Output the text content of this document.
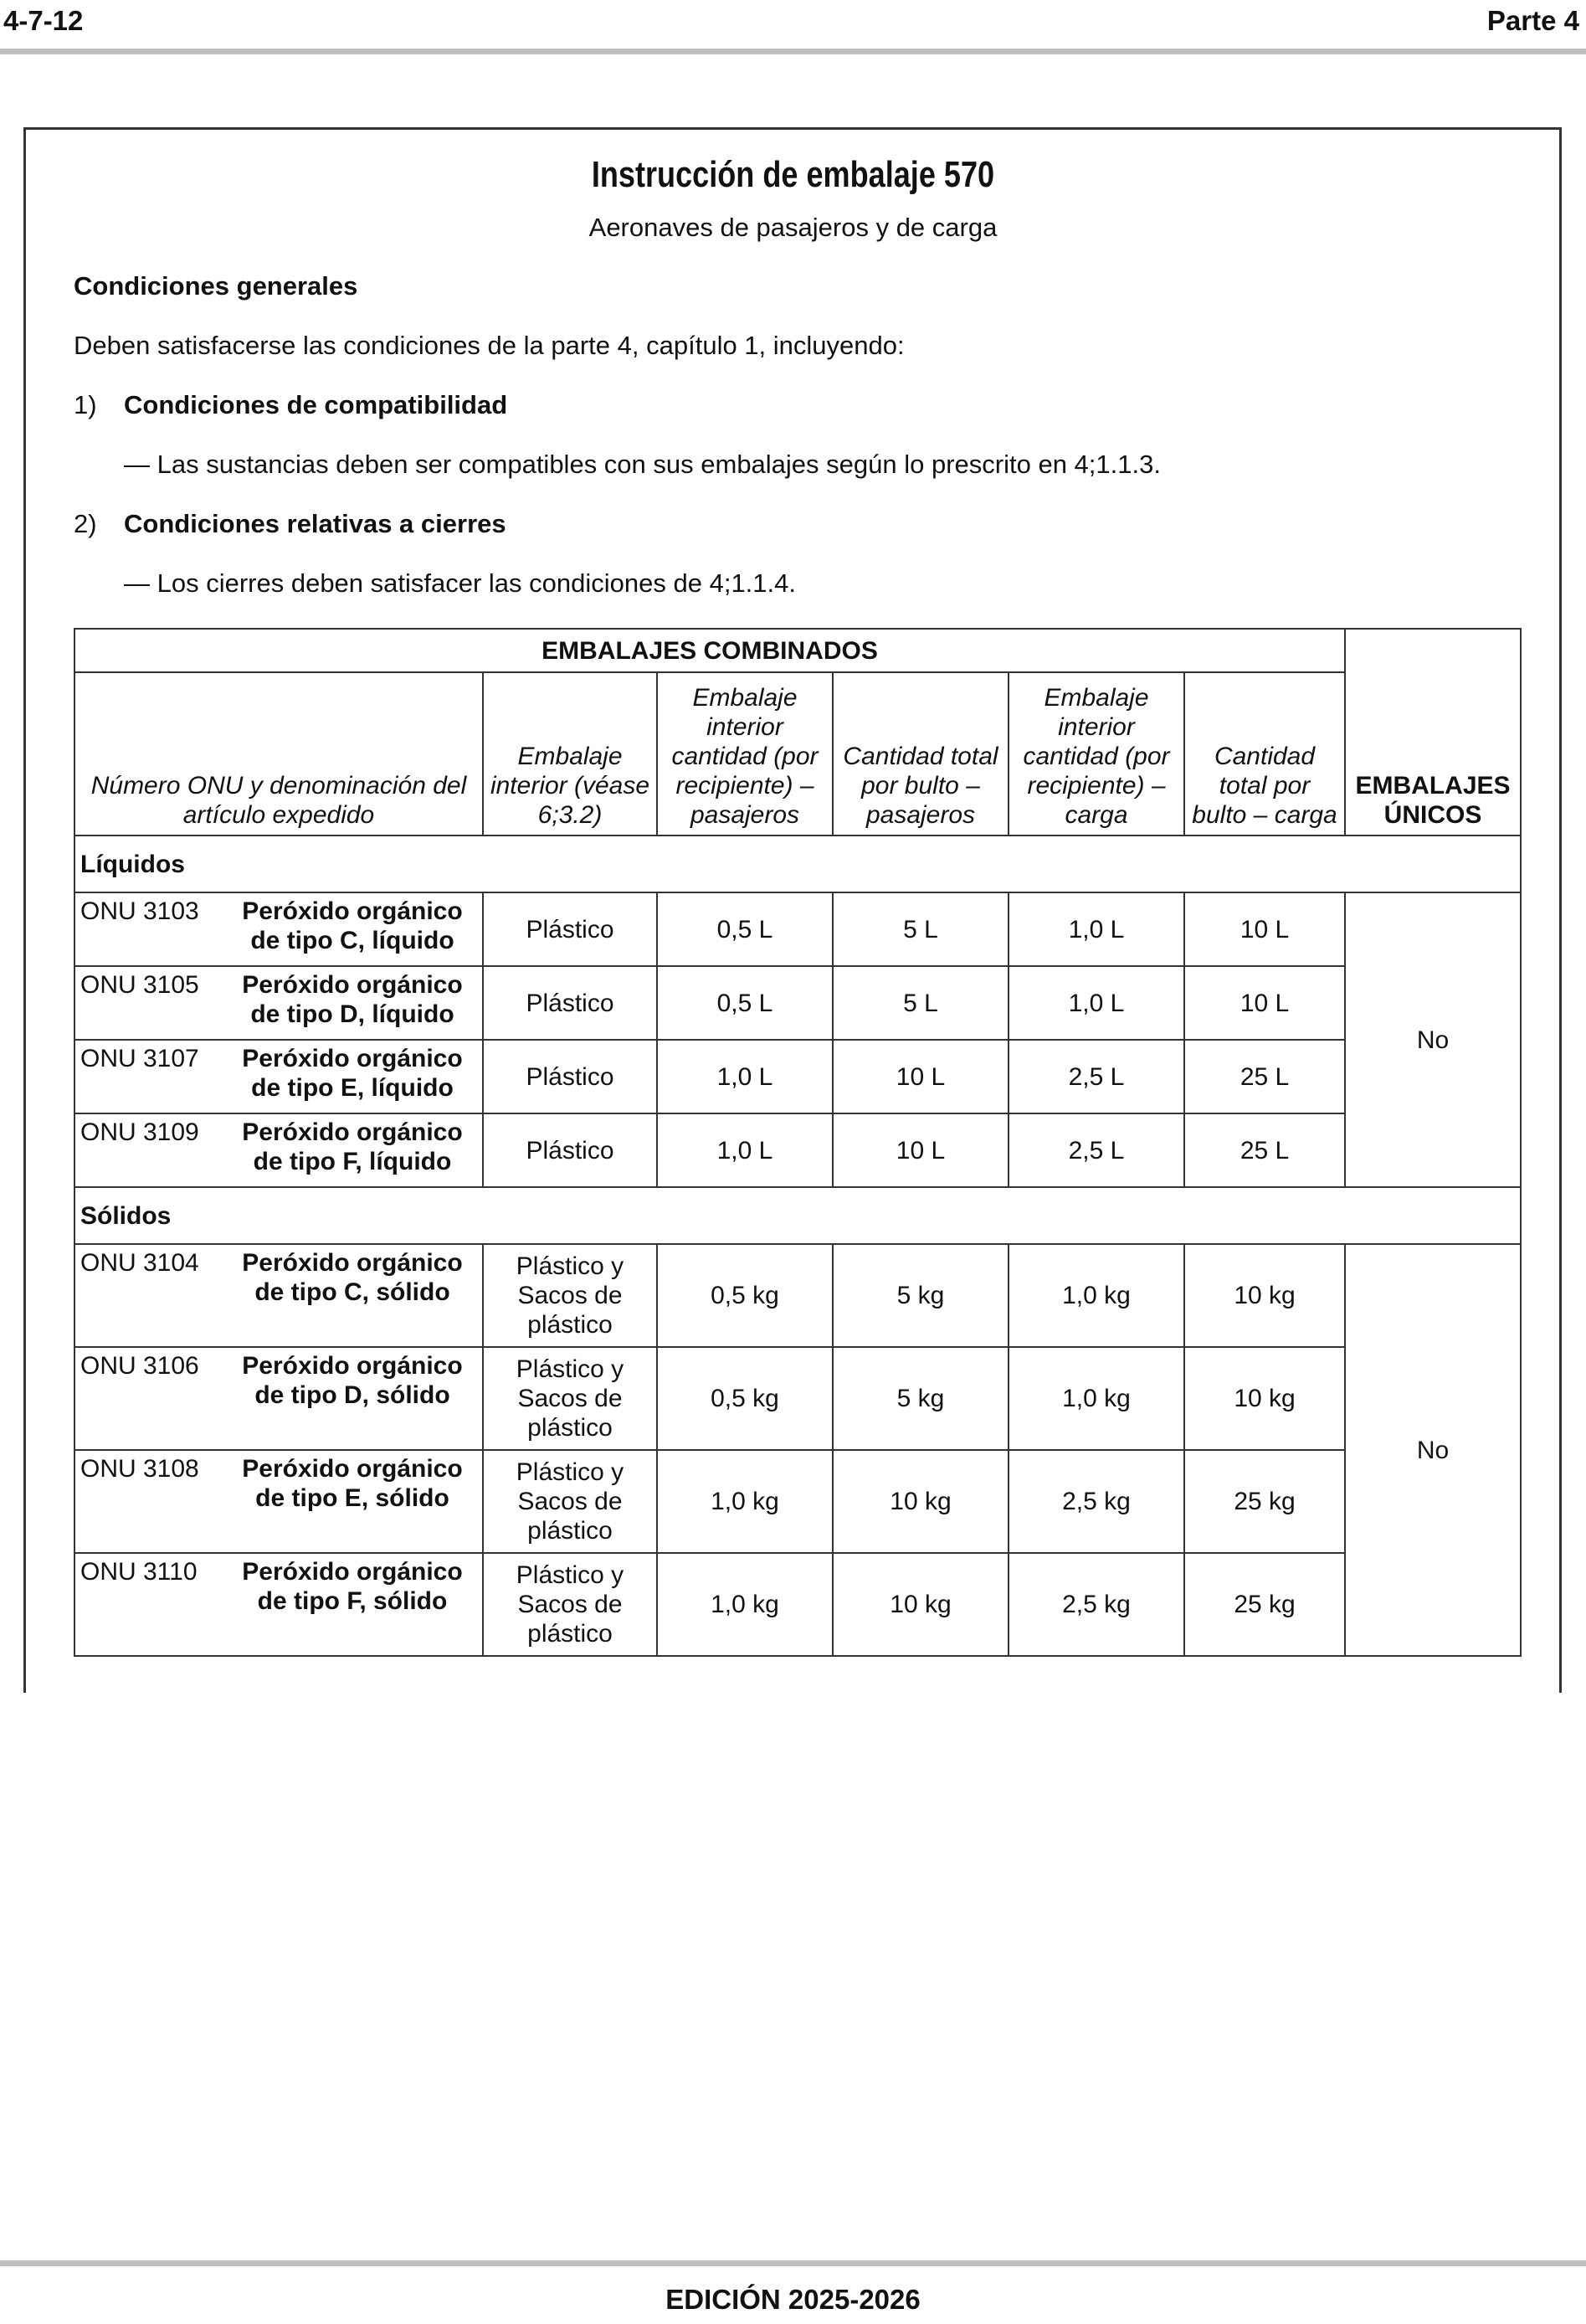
4-7-12	Parte 4
Instrucción de embalaje 570
Aeronaves de pasajeros y de carga
Condiciones generales
Deben satisfacerse las condiciones de la parte 4, capítulo 1, incluyendo:
1) Condiciones de compatibilidad
— Las sustancias deben ser compatibles con sus embalajes según lo prescrito en 4;1.1.3.
2) Condiciones relativas a cierres
— Los cierres deben satisfacer las condiciones de 4;1.1.4.
EMBALAJES COMBINADOS						EMBALAJES ÚNICOS
Número ONU y denominación del artículo expedido	Embalaje interior (véase 6;3.2)	Embalaje interior cantidad (por recipiente) – pasajeros	Cantidad total por bulto – pasajeros	Embalaje interior cantidad (por recipiente) – carga	Cantidad total por bulto – carga	
Líquidos						

ONU 3103 Peróxido orgánico de tipo C, líquido	Plástico	0,5 L	5 L	1,0 L	10 L	No

ONU 3105 Peróxido orgánico de tipo D, líquido	Plástico	0,5 L	5 L	1,0 L	10 L	

ONU 3107 Peróxido orgánico de tipo E, líquido	Plástico	1,0 L	10 L	2,5 L	25 L	

ONU 3109 Peróxido orgánico de tipo F, líquido	Plástico	1,0 L	10 L	2,5 L	25 L	
Sólidos						

ONU 3104 Peróxido orgánico de tipo C, sólido	Plástico y Sacos de plástico	0,5 kg	5 kg	1,0 kg	10 kg	No

ONU 3106 Peróxido orgánico de tipo D, sólido	Plástico y Sacos de plástico	0,5 kg	5 kg	1,0 kg	10 kg	

ONU 3108 Peróxido orgánico de tipo E, sólido	Plástico y Sacos de plástico	1,0 kg	10 kg	2,5 kg	25 kg	

ONU 3110 Peróxido orgánico de tipo F, sólido	Plástico y Sacos de plástico	1,0 kg	10 kg	2,5 kg	25 kg	
EDICIÓN 2025-2026
